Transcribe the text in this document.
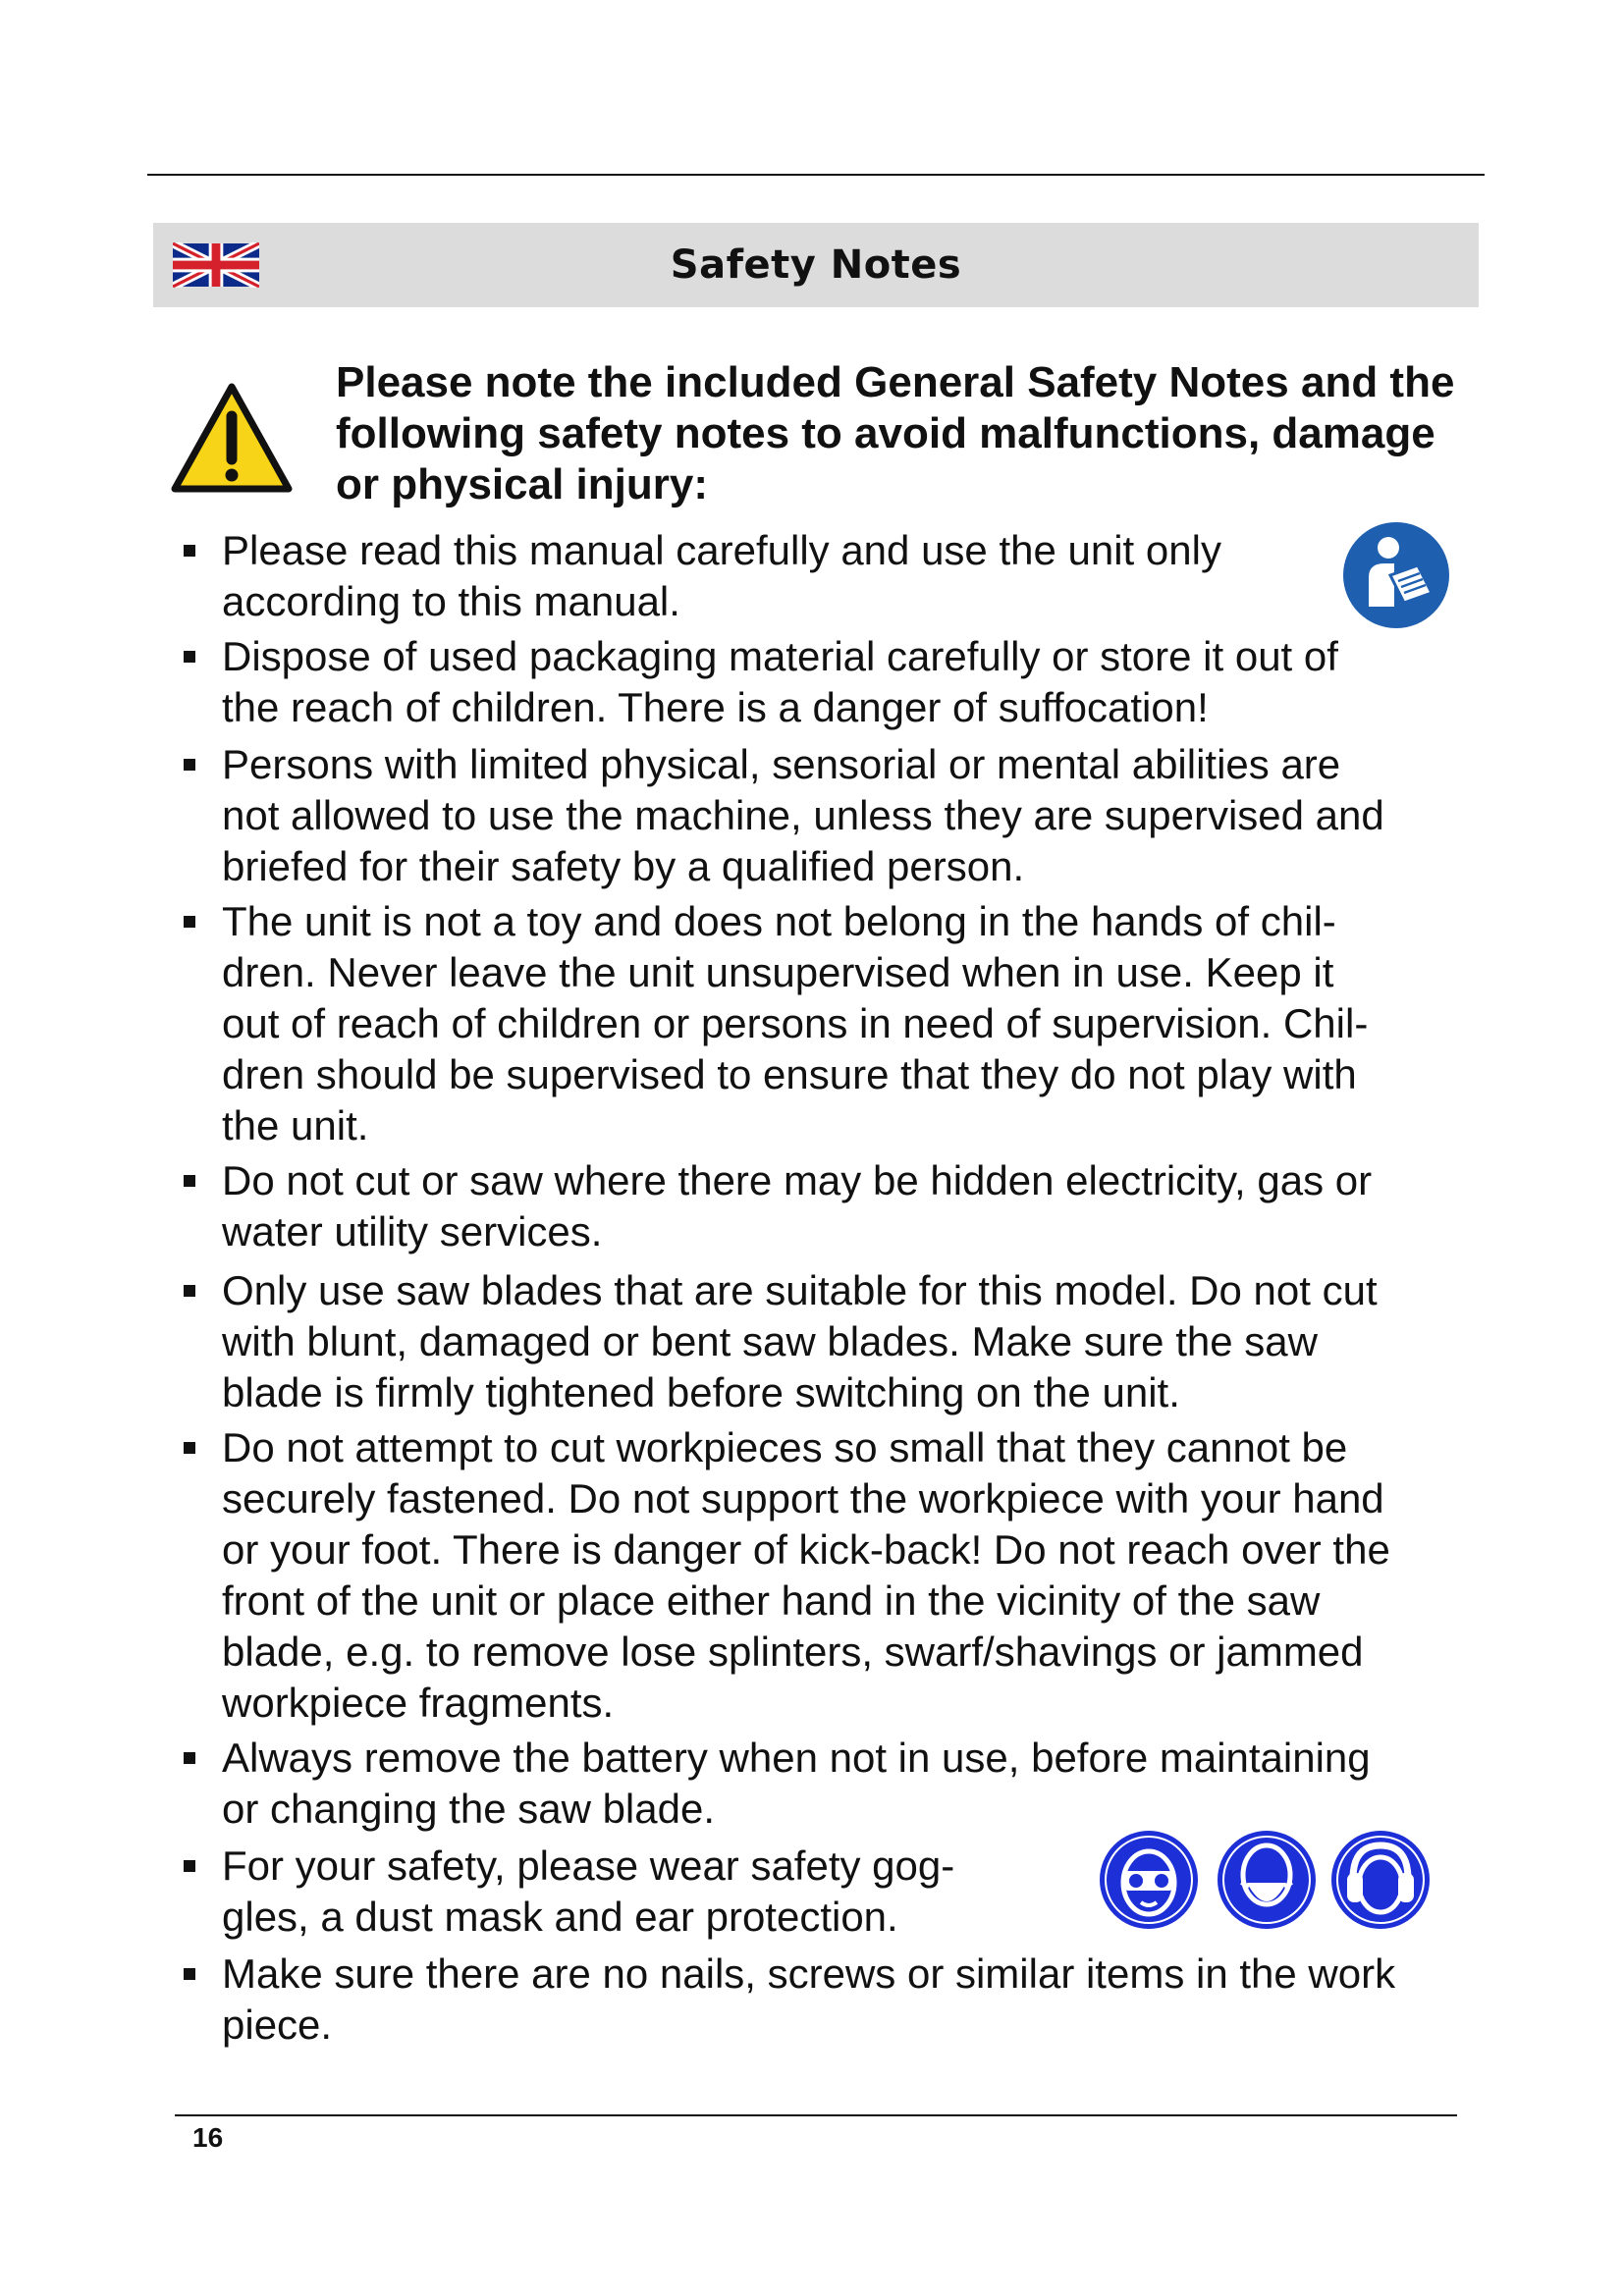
Safety Notes
Please note the included General Safety Notes and the
following safety notes to avoid malfunctions, damage
or physical injury:
Please read this manual carefully and use the unit only
according to this manual.
Dispose of used packaging material carefully or store it out of
the reach of children. There is a danger of suffocation!
Persons with limited physical, sensorial or mental abilities are
not allowed to use the machine, unless they are supervised and
briefed for their safety by a qualified person.
The unit is not a toy and does not belong in the hands of chil-
dren. Never leave the unit unsupervised when in use. Keep it
out of reach of children or persons in need of supervision. Chil-
dren should be supervised to ensure that they do not play with
the unit.
Do not cut or saw where there may be hidden electricity, gas or
water utility services.
Only use saw blades that are suitable for this model. Do not cut
with blunt, damaged or bent saw blades. Make sure the saw
blade is firmly tightened before switching on the unit.
Do not attempt to cut workpieces so small that they cannot be
securely fastened. Do not support the workpiece with your hand
or your foot. There is danger of kick-back! Do not reach over the
front of the unit or place either hand in the vicinity of the saw
blade, e.g. to remove lose splinters, swarf/shavings or jammed
workpiece fragments.
Always remove the battery when not in use, before maintaining
or changing the saw blade.
For your safety, please wear safety gog-
gles, a dust mask and ear protection.
Make sure there are no nails, screws or similar items in the work
piece.
16
